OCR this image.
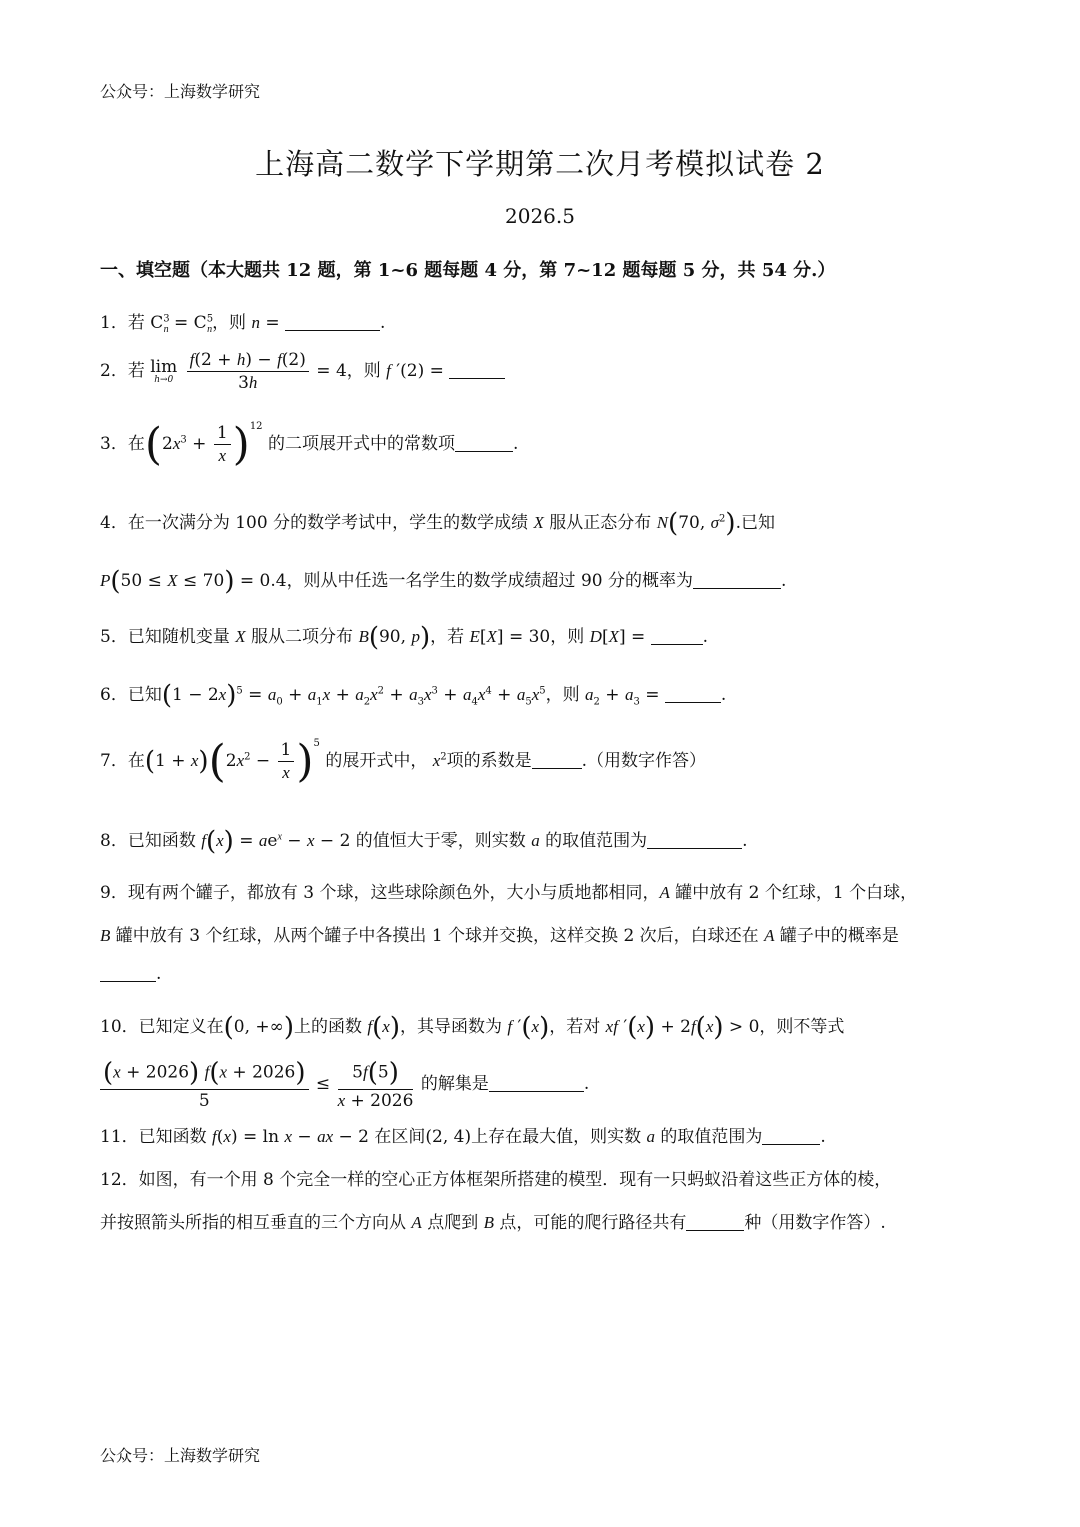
公众号：上海数学研究
上海高二数学下学期第二次月考模拟试卷 2
2026.5
一、填空题（本大题共 12 题，第 1~6 题每题 4 分，第 7~12 题每题 5 分，共 54 分.）
1．若 $C^3_n = C^5_n$，则 n =	.
2．若 lim
h→0
$\frac{f(2 + h) - f(2)}{3h} = 4$，则 f ′(2) =
3．在$(2x^3 + \frac{1}{x} )^{12}$ 的二项展开式中的常数项	.
4．在一次满分为 100 分的数学考试中，学生的数学成绩 X 服从正态分布 N(70, $\sigma^2$).已知
P(50 ≤ X ≤ 70) = 0.4，则从中任选一名学生的数学成绩超过 90 分的概率为	.
5．已知随机变量 X 服从二项分布 B(90, p)，若 E[X] = 30，则 D[X] =	.
6．已知$(1 - 2x)^5 = a_0 + a_1x + a_2x^2 + a_3x^3 + a_4x^4 + a_5x^5$，则 $a_2 + a_3$ =	.
7．在$(1 + x)(2x^2 - \frac{1}{x} )^5$ 的展开式中， $x^2$项的系数是	.（用数字作答）
8．已知函数 $f(x) = ae^x - x - 2$ 的值恒大于零，则实数 a 的取值范围为	.
9．现有两个罐子，都放有 3 个球，这些球除颜色外，大小与质地都相同，A 罐中放有 2 个红球，1 个白球，
B 罐中放有 3 个红球，从两个罐子中各摸出 1 个球并交换，这样交换 2 次后，白球还在 A 罐子中的概率是
.
10．已知定义在(0, +∞)上的函数 f(x)，其导函数为 f ′(x)，若对 xf ′(x) + 2f(x) > 0，则不等式
$\frac{(x + 2026) f(x + 2026)}{5} \le \frac{5f(5)}{x + 2026}$ 的解集是	.
11．已知函数 f(x) = ln x − ax − 2 在区间(2, 4)上存在最大值，则实数 a 的取值范围为	.
12．如图，有一个用 8 个完全一样的空心正方体框架所搭建的模型．现有一只蚂蚁沿着这些正方体的棱，
并按照箭头所指的相互垂直的三个方向从 A 点爬到 B 点，可能的爬行路径共有	种（用数字作答）.
公众号：上海数学研究
